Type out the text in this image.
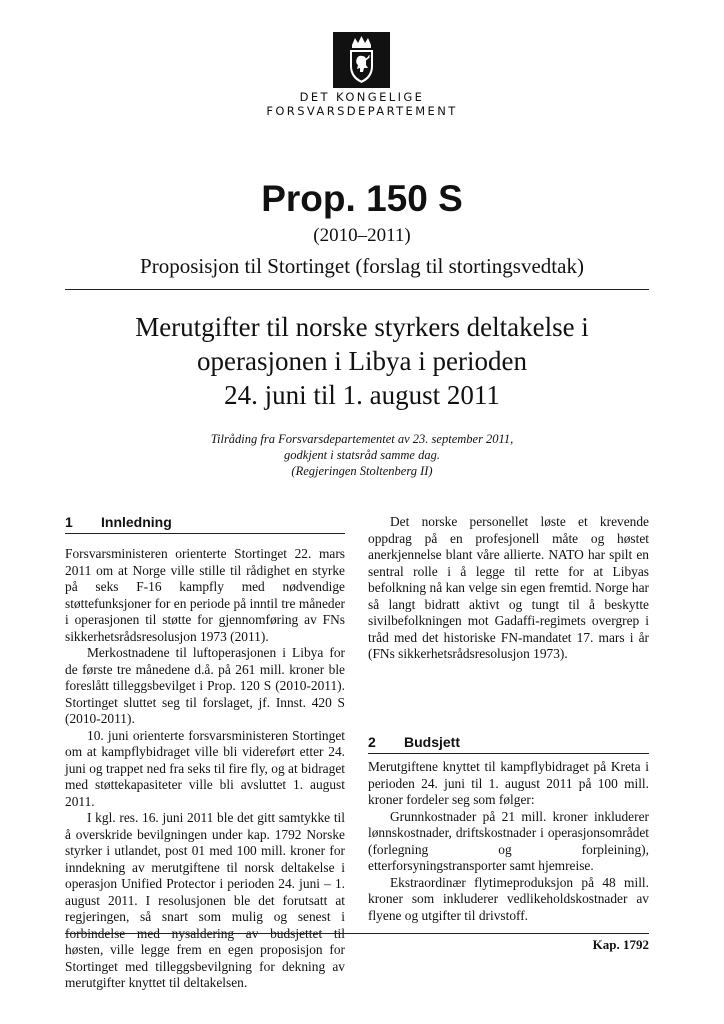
DET KONGELIGE
FORSVARSDEPARTEMENT
Prop. 150 S
(2010–2011)
Proposisjon til Stortinget (forslag til stortingsvedtak)
Merutgifter til norske styrkers deltakelse i
operasjonen i Libya i perioden
24. juni til 1. august 2011
Tilråding fra Forsvarsdepartementet av 23. september 2011,
godkjent i statsråd samme dag.
(Regjeringen Stoltenberg II)
1 Innledning

Forsvarsministeren orienterte Stortinget 22. mars 2011 om at Norge ville stille til rådighet en styrke på seks F-16 kampfly med nødvendige støttefunksjoner for en periode på inntil tre måneder i operasjonen til støtte for gjennomføring av FNs sikkerhetsrådsresolusjon 1973 (2011).

Merkostnadene til luftoperasjonen i Libya for de første tre månedene d.å. på 261 mill. kroner ble foreslått tilleggsbevilget i Prop. 120 S (2010-2011). Stortinget sluttet seg til forslaget, jf. Innst. 420 S (2010-2011).

10. juni orienterte forsvarsministeren Stortinget om at kampflybidraget ville bli videreført etter 24. juni og trappet ned fra seks til fire fly, og at bidraget med støttekapasiteter ville bli avsluttet 1. august 2011.

I kgl. res. 16. juni 2011 ble det gitt samtykke til å overskride bevilgningen under kap. 1792 Norske styrker i utlandet, post 01 med 100 mill. kroner for inndekning av merutgiftene til norsk deltakelse i operasjon Unified Protector i perioden 24. juni – 1. august 2011. I resolusjonen ble det forutsatt at regjeringen, så snart som mulig og senest i forbindelse med nysaldering av budsjettet til høsten, ville legge frem en egen proposisjon for Stortinget med tilleggsbevilgning for dekning av merutgifter knyttet til deltakelsen.

Det norske personellet løste et krevende oppdrag på en profesjonell måte og høstet anerkjennelse blant våre allierte. NATO har spilt en sentral rolle i å legge til rette for at Libyas befolkning nå kan velge sin egen fremtid. Norge har så langt bidratt aktivt og tungt til å beskytte sivilbefolkningen mot Gadaffi-regimets overgrep i tråd med det historiske FN-mandatet 17. mars i år (FNs sikkerhetsrådsresolusjon 1973).

2 Budsjett

Merutgiftene knyttet til kampflybidraget på Kreta i perioden 24. juni til 1. august 2011 på 100 mill. kroner fordeler seg som følger:

Grunnkostnader på 21 mill. kroner inkluderer lønnskostnader, driftskostnader i operasjonsområdet (forlegning og forpleining), etterforsyningstransporter samt hjemreise.

Ekstraordinær flytimeproduksjon på 48 mill. kroner som inkluderer vedlikeholdskostnader av flyene og utgifter til drivstoff.

Kap. 1792
